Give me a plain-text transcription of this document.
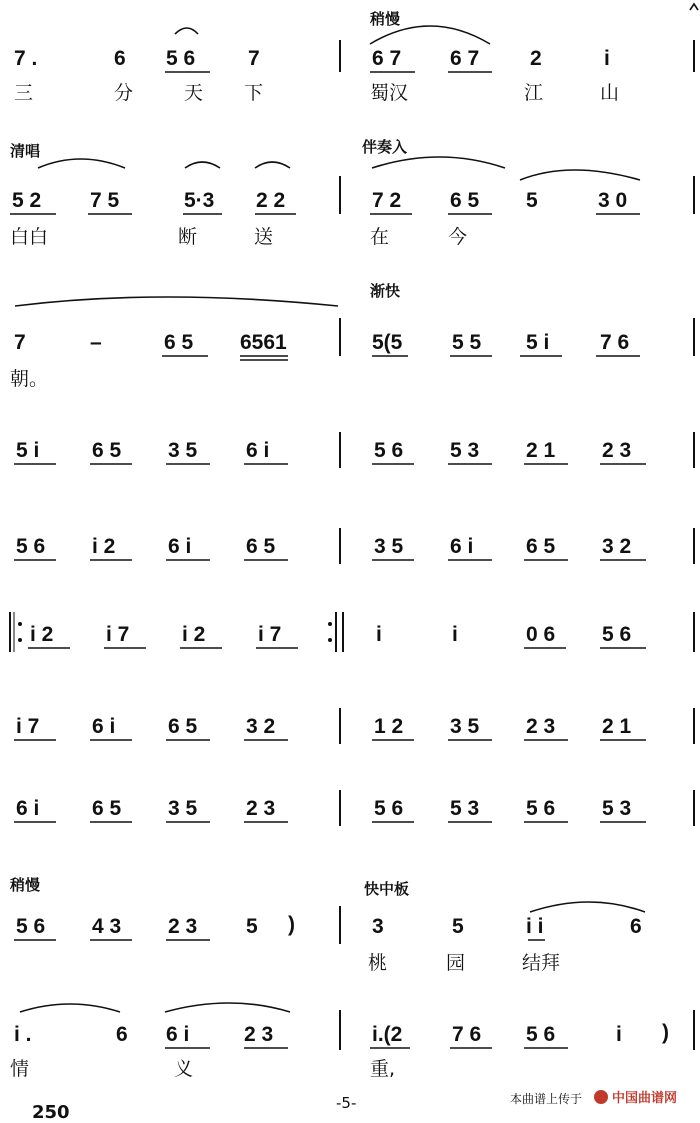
稍慢
7 .	6 5 6	7	6 7 6 7 2	i
三	分	天 下	蜀汉	江	山
清唱	伴奏入
5 2 7 5	5·3 2 2	7 2 6 5 5	3 0
白白	断	送	在	今
渐快
7	–	6 5 6561	5(5 5 5 5 i 7 6
朝。
5 i	6 5 3 5 6 i	5 6 5 3 2 1 2 3
5 6 i 2	6 i	6 5	3 5 6 i	6 5 3 2
i 2	i 7	i 2	i 7	i	i	0 6 5 6
i 7	6 i	6 5 3 2	1 2 3 5 2 3 2 1
6 i	6 5 3 5 2 3	5 6 5 3 5 6 5 3
稍慢	快中板
5 6 4 3 2 3 5 )	3	5	i i	6
桃	园	结拜
i .	6 6 i	2 3	i.(2 7 6 5 6	i )
情	义	重,
250	-5-	本曲谱上传于 中国曲谱网
